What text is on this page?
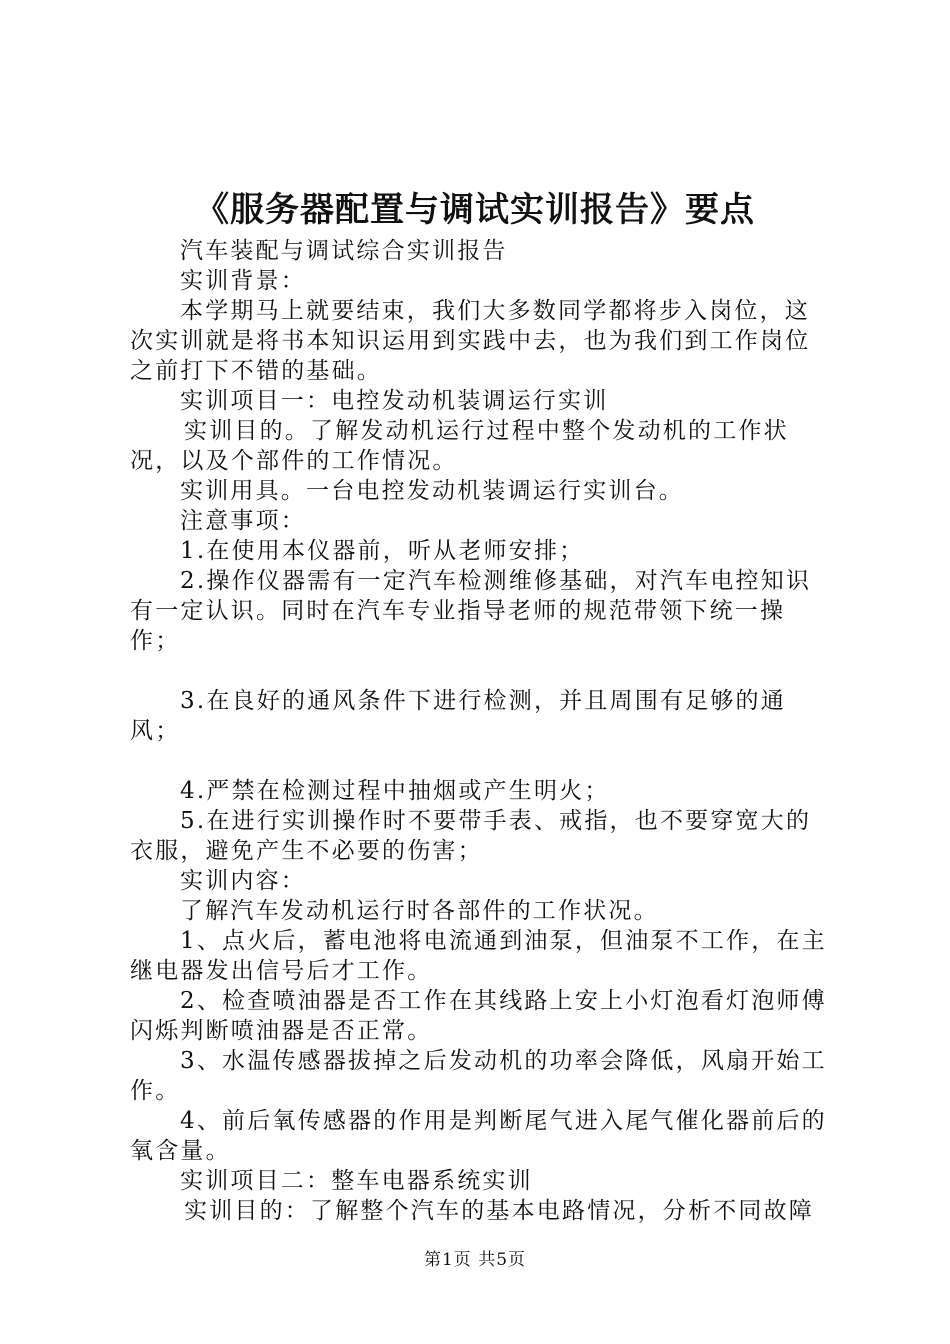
《服务器配置与调试实训报告》要点

汽车装配与调试综合实训报告

实训背景：

本学期马上就要结束，我们大多数同学都将步入岗位，这次实训就是将书本知识运用到实践中去，也为我们到工作岗位之前打下不错的基础。

实训项目一：电控发动机装调运行实训

实训目的。了解发动机运行过程中整个发动机的工作状况，以及个部件的工作情况。

实训用具。一台电控发动机装调运行实训台。

注意事项：

1.在使用本仪器前，听从老师安排；

2.操作仪器需有一定汽车检测维修基础，对汽车电控知识有一定认识。同时在汽车专业指导老师的规范带领下统一操作；

3.在良好的通风条件下进行检测，并且周围有足够的通风；

4.严禁在检测过程中抽烟或产生明火；

5.在进行实训操作时不要带手表、戒指，也不要穿宽大的衣服，避免产生不必要的伤害；

实训内容：

了解汽车发动机运行时各部件的工作状况。

1、点火后，蓄电池将电流通到油泵，但油泵不工作，在主继电器发出信号后才工作。

2、检查喷油器是否工作在其线路上安上小灯泡看灯泡师傅闪烁判断喷油器是否正常。

3、水温传感器拔掉之后发动机的功率会降低，风扇开始工作。

4、前后氧传感器的作用是判断尾气进入尾气催化器前后的氧含量。

实训项目二：整车电器系统实训

实训目的：了解整个汽车的基本电路情况，分析不同故障

第1页 共5页
